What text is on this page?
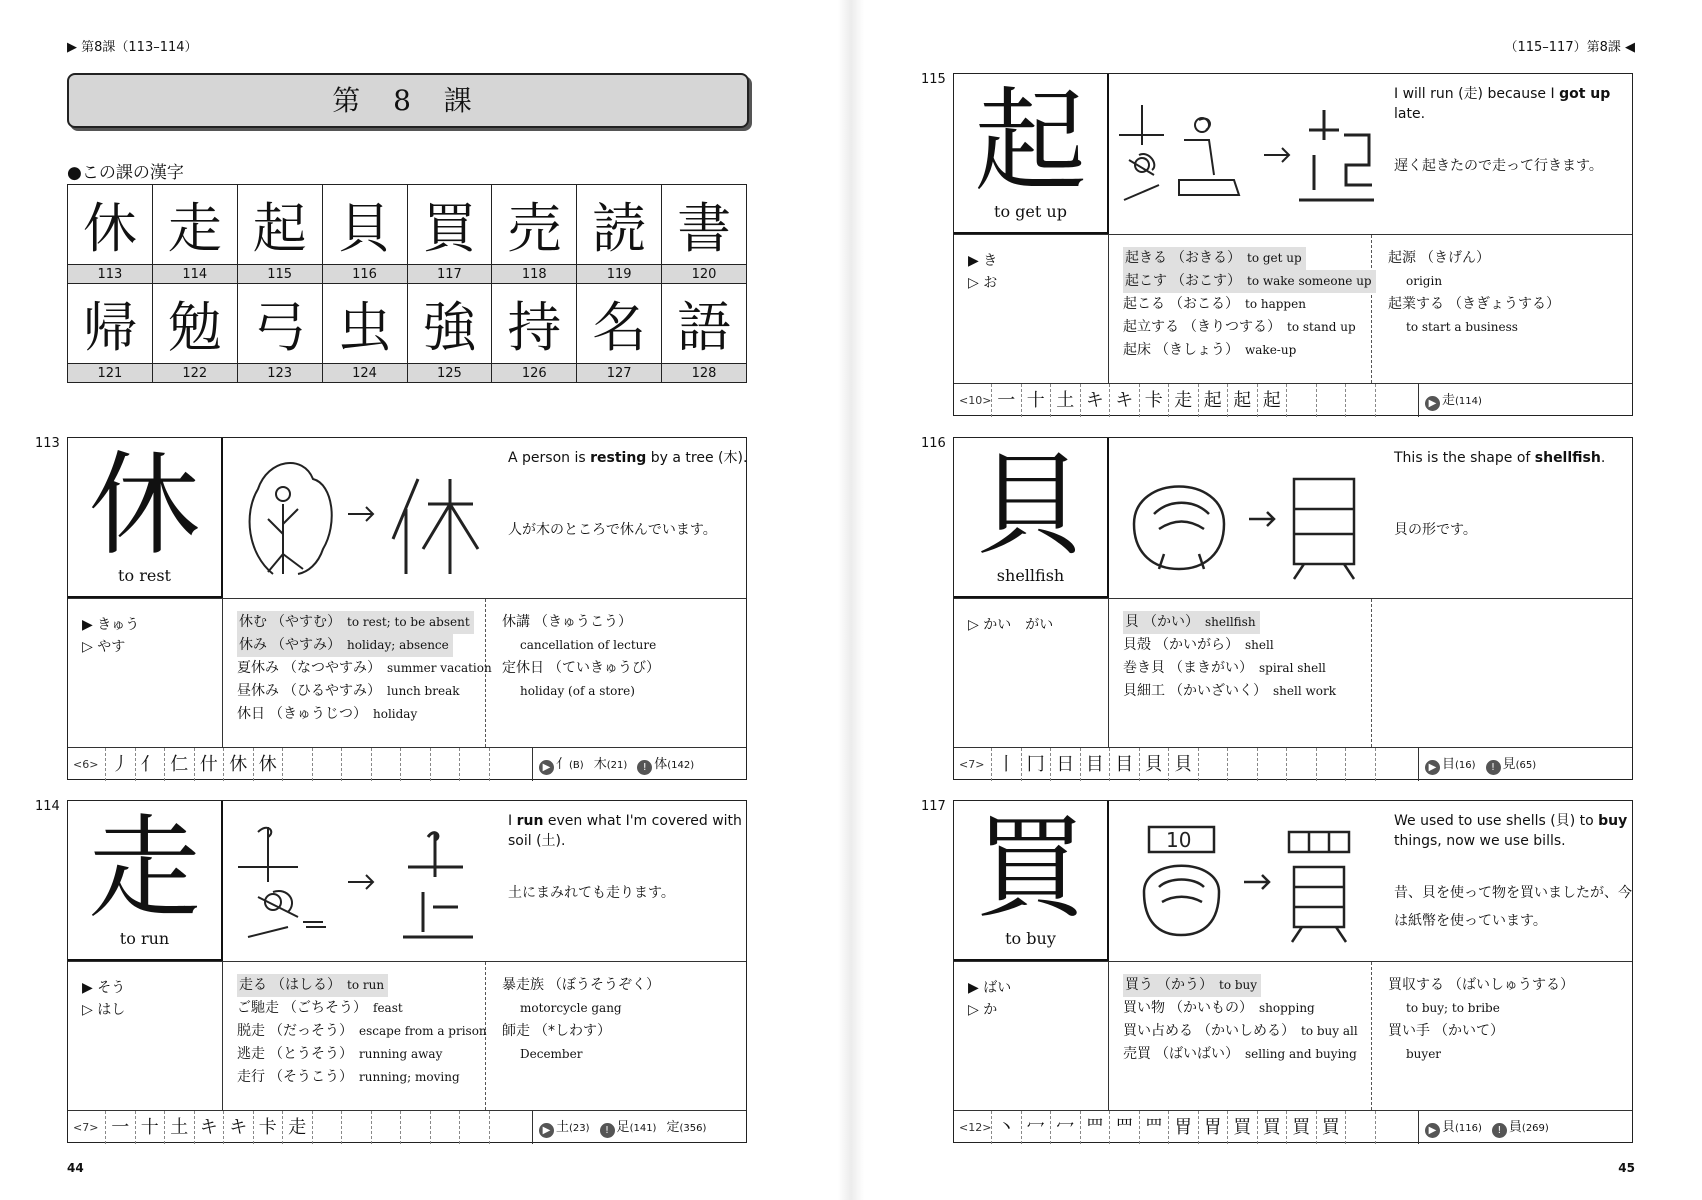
▶ 第8課（113–114）
第 8 課
●この課の漢字
休	走	起	貝	買	売	読	書
113	114	115	116	117	118	119	120
帰	勉	弓	虫	強	持	名	語
121	122	123	124	125	126	127	128
44
（115–117）第8課 ◀
45
113 休
to rest
A person is resting by a tree (木).
人が木のところで休んでいます。
▶ きゅう
▷ やす
休む （やすむ） to rest; to be absent
休み （やすみ） holiday; absence
夏休み （なつやすみ） summer vacation
昼休み （ひるやすみ） lunch break
休日 （きゅうじつ） holiday
休講 （きゅうこう）
cancellation of lecture
定休日 （ていきゅうび）
holiday (of a store)
<6> 丿 亻 仁 什 休 休	▶ 亻(B) 木(21) ! 体(142)
114 走
to run
I run even what I'm covered with soil (土).
土にまみれても走ります。
▶ そう
▷ はし
走る （はしる） to run
ご馳走 （ごちそう） feast
脱走 （だっそう） escape from a prison
逃走 （とうそう） running away
走行 （そうこう） running; moving
暴走族 （ぼうそうぞく）
motorcycle gang
師走 （*しわす）
December
<7> 一 十 土 キ キ 卡 走	▶ 土(23) ! 足(141) 定(356)
115 起
to get up
I will run (走) because I got up late.
遅く起きたので走って行きます。
▶ き
▷ お
起きる （おきる） to get up
起こす （おこす） to wake someone up
起こる （おこる） to happen
起立する （きりつする） to stand up
起床 （きしょう） wake-up
起源 （きげん）
origin
起業する （きぎょうする）
to start a business
<10> 一 十 土 キ キ 卡 走 起 起 起	▶ 走(114)
116 貝
shellfish
This is the shape of shellfish.
貝の形です。
▷ かい　がい	貝 （かい） shellfish
貝殻 （かいがら） shell
巻き貝 （まきがい） spiral shell
貝細工 （かいざいく） shell work
<7> 丨 冂 日 目 目 貝 貝	▶ 目(16) ! 見(65)
117 買
to buy
10
We used to use shells (貝) to buy things, now we use bills.
昔、貝を使って物を買いましたが、今は紙幣を使っています。
▶ ばい
▷ か
買う （かう） to buy
買い物 （かいもの） shopping
買い占める （かいしめる） to buy all
売買 （ばいばい） selling and buying
買収する （ばいしゅうする）
to buy; to bribe
買い手 （かいて）
buyer
<12> 丶 冖 冖 罒 罒 罒 胃 胃 買 買 買 買	▶ 貝(116) ! 員(269)
